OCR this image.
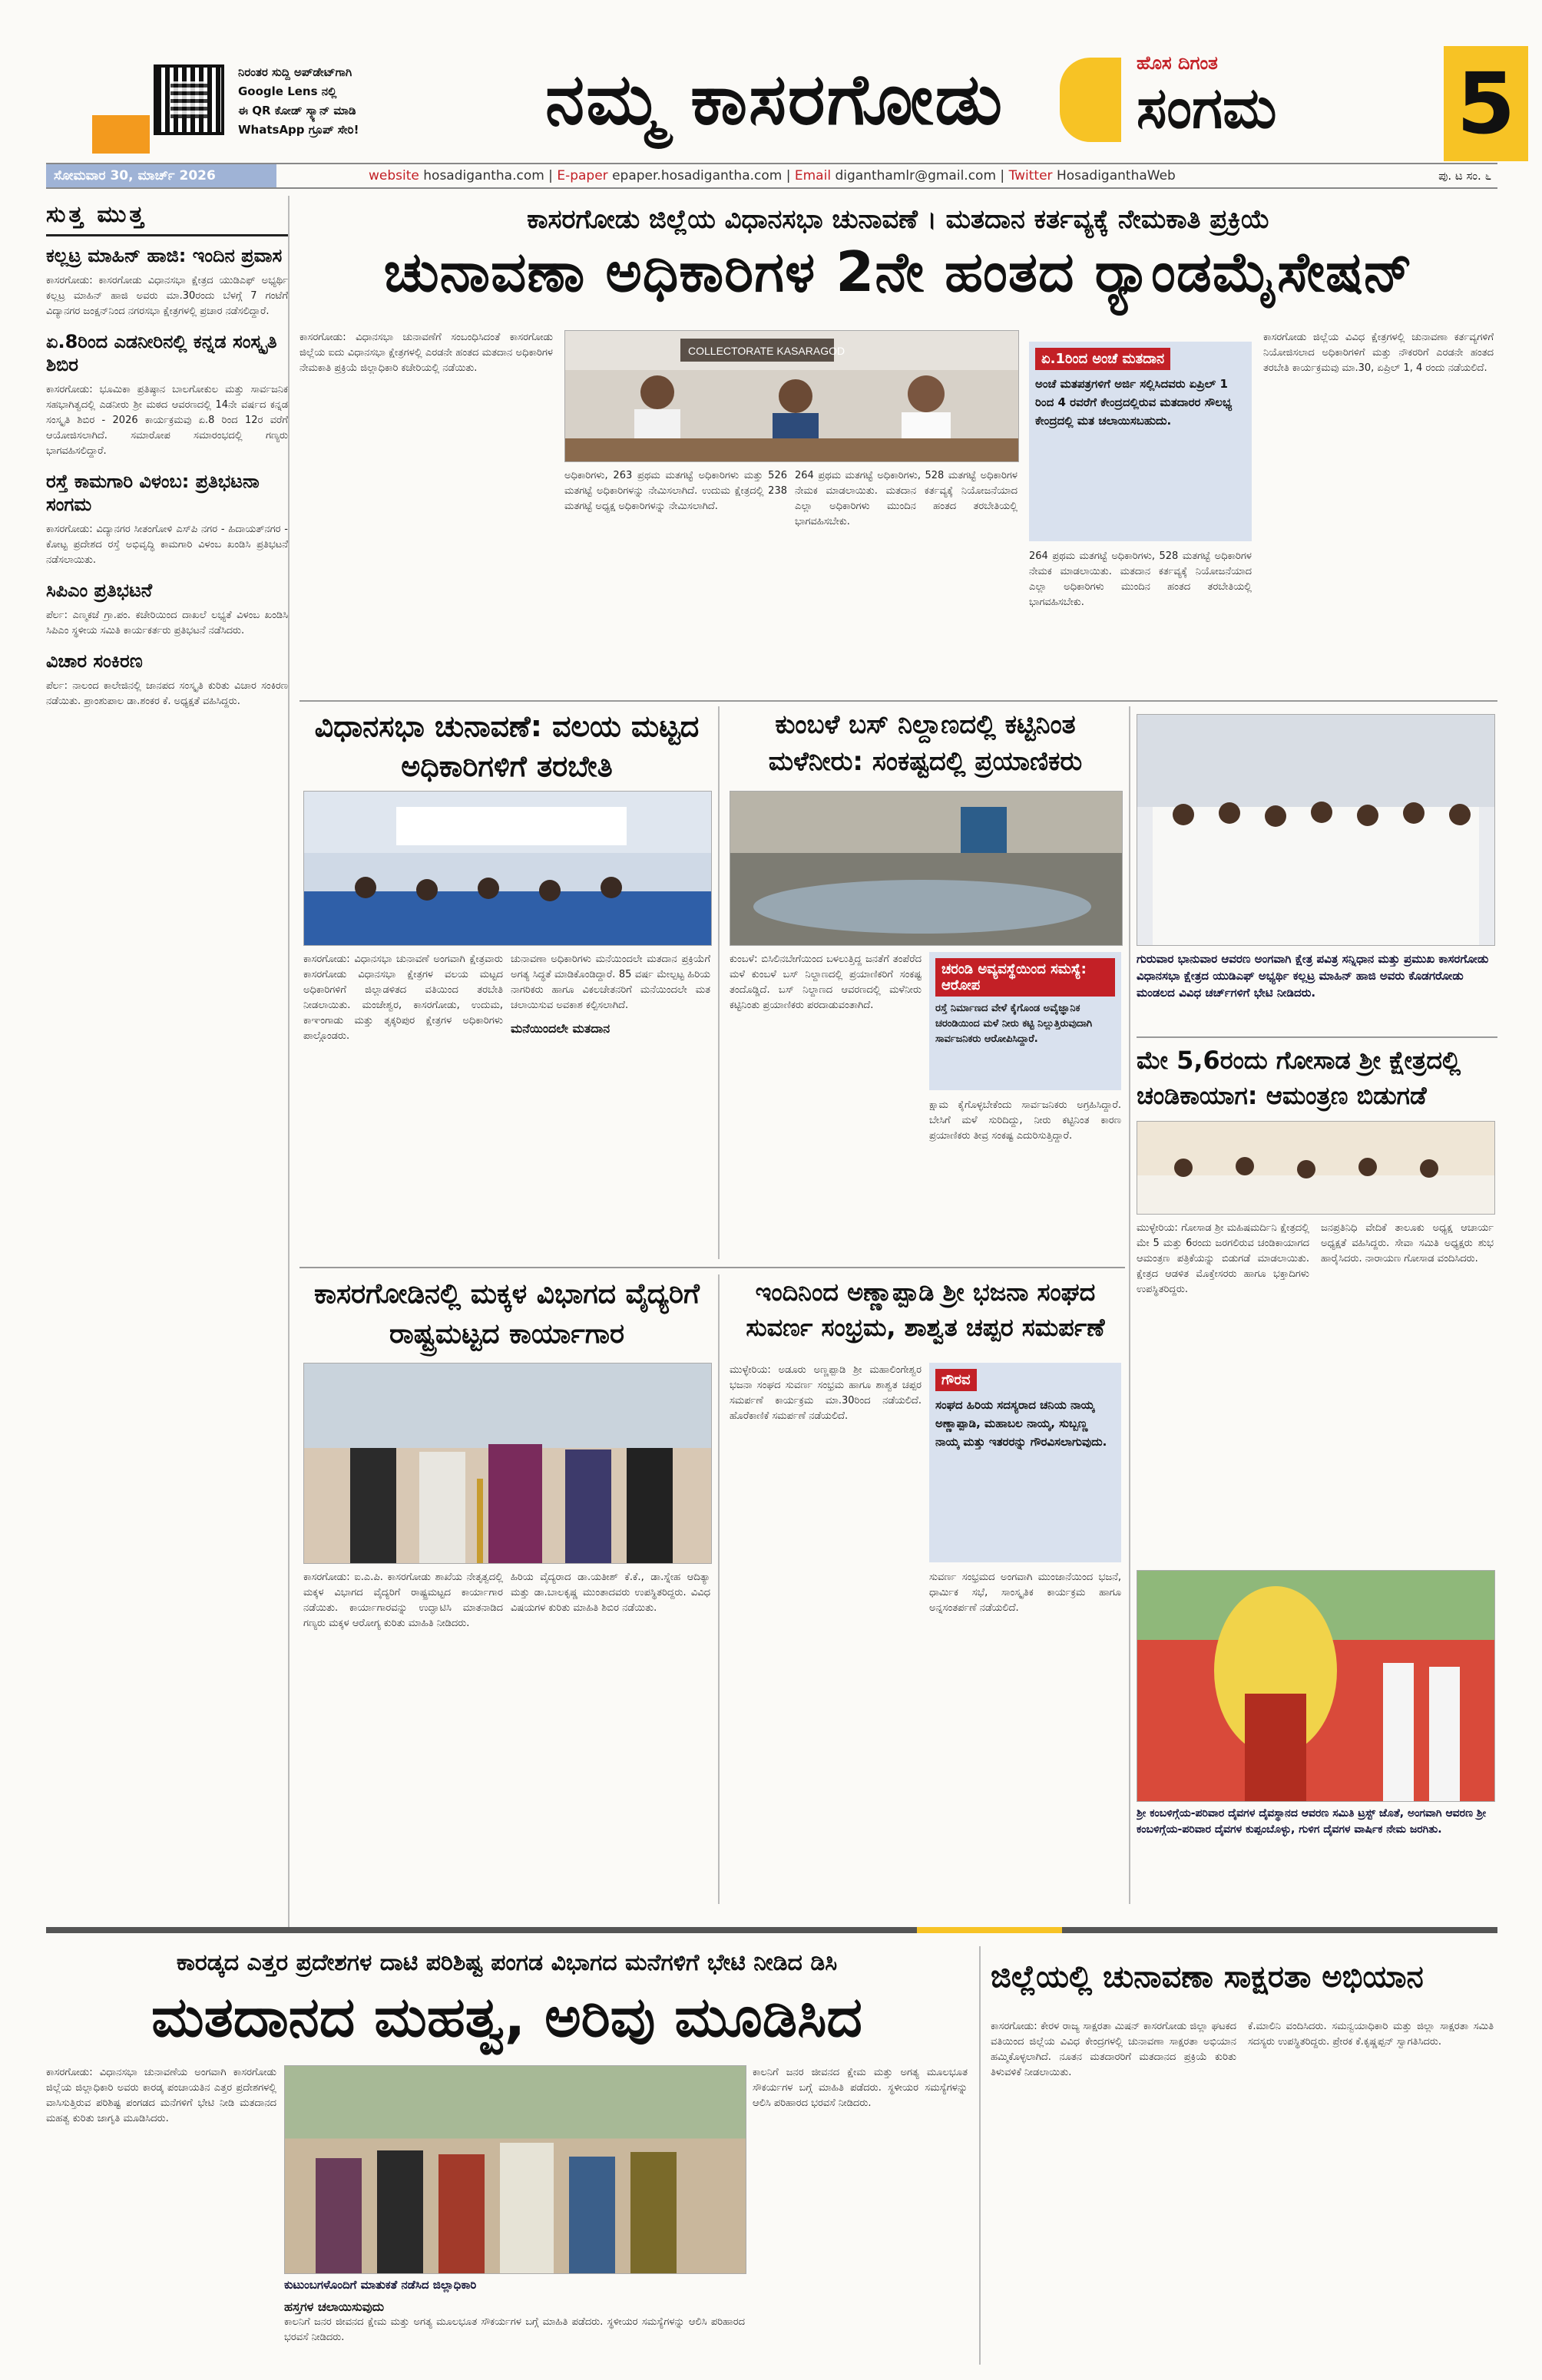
ನಿರಂತರ ಸುದ್ದಿ ಅಪ್‌ಡೇಟ್‌ಗಾಗಿ
Google Lens ನಲ್ಲಿ
ಈ QR ಕೋಡ್ ಸ್ಕ್ಯಾನ್ ಮಾಡಿ
WhatsApp ಗ್ರೂಪ್ ಸೇರಿ!	ನಮ್ಮ ಕಾಸರಗೋಡು	ಹೊಸ ದಿಗಂತ
ಸಂಗಮ	5
ಸೋಮವಾರ 30, ಮಾರ್ಚ್ 2026	website hosadigantha.com | E-paper epaper.hosadigantha.com | Email diganthamlr@gmail.com | Twitter HosadiganthaWeb	ಪು. ಟ ಸಂ. ೬
ಸುತ್ತ ಮುತ್ತ
ಕಲ್ಲಟ್ರ ಮಾಹಿನ್ ಹಾಜಿ: ಇಂದಿನ ಪ್ರವಾಸ
ಕಾಸರಗೋಡು: ಕಾಸರಗೋಡು ವಿಧಾನಸಭಾ ಕ್ಷೇತ್ರದ ಯುಡಿಎಫ್ ಅಭ್ಯರ್ಥಿ ಕಲ್ಲಟ್ರ ಮಾಹಿನ್ ಹಾಜಿ ಅವರು ಮಾ.30ರಂದು ಬೆಳಗ್ಗೆ 7 ಗಂಟೆಗೆ ವಿದ್ಯಾನಗರ ಜಂಕ್ಷನ್‌ನಿಂದ ನಗರಸಭಾ ಕ್ಷೇತ್ರಗಳಲ್ಲಿ ಪ್ರಚಾರ ನಡೆಸಲಿದ್ದಾರೆ.
ಏ.8ರಿಂದ ಎಡನೀರಿನಲ್ಲಿ ಕನ್ನಡ ಸಂಸ್ಕೃತಿ ಶಿಬಿರ
ಕಾಸರಗೋಡು: ಭೂಮಿಕಾ ಪ್ರತಿಷ್ಠಾನ ಬಾಲಗೋಕುಲ ಮತ್ತು ಸಾರ್ವಜನಿಕ ಸಹಭಾಗಿತ್ವದಲ್ಲಿ ಎಡನೀರು ಶ್ರೀ ಮಠದ ಆವರಣದಲ್ಲಿ 14ನೇ ವರ್ಷದ ಕನ್ನಡ ಸಂಸ್ಕೃತಿ ಶಿಬಿರ - 2026 ಕಾರ್ಯಕ್ರಮವು ಏ.8 ರಿಂದ 12ರ ವರೆಗೆ ಆಯೋಜಿಸಲಾಗಿದೆ. ಸಮಾರೋಪ ಸಮಾರಂಭದಲ್ಲಿ ಗಣ್ಯರು ಭಾಗವಹಿಸಲಿದ್ದಾರೆ.
ರಸ್ತೆ ಕಾಮಗಾರಿ ವಿಳಂಬ: ಪ್ರತಿಭಟನಾ ಸಂಗಮ
ಕಾಸರಗೋಡು: ವಿದ್ಯಾನಗರ ಸೀತಂಗೋಳಿ ಎಸ್‌ಪಿ ನಗರ - ಹಿದಾಯತ್‌ನಗರ - ಕೋಟ್ಟ ಪ್ರದೇಶದ ರಸ್ತೆ ಅಭಿವೃದ್ಧಿ ಕಾಮಗಾರಿ ವಿಳಂಬ ಖಂಡಿಸಿ ಪ್ರತಿಭಟನೆ ನಡೆಸಲಾಯಿತು.
ಸಿಪಿಎಂ ಪ್ರತಿಭಟನೆ
ಪೆರ್ಲ: ಎಣ್ಮಕಜೆ ಗ್ರಾ.ಪಂ. ಕಚೇರಿಯಿಂದ ದಾಖಲೆ ಲಭ್ಯತೆ ವಿಳಂಬ ಖಂಡಿಸಿ ಸಿಪಿಎಂ ಸ್ಥಳೀಯ ಸಮಿತಿ ಕಾರ್ಯಕರ್ತರು ಪ್ರತಿಭಟನೆ ನಡೆಸಿದರು.
ವಿಚಾರ ಸಂಕಿರಣ
ಪೆರ್ಲ: ನಾಲಂದ ಕಾಲೇಜಿನಲ್ಲಿ ಜಾನಪದ ಸಂಸ್ಕೃತಿ ಕುರಿತು ವಿಚಾರ ಸಂಕಿರಣ ನಡೆಯಿತು. ಪ್ರಾಂಶುಪಾಲ ಡಾ.ಶಂಕರ ಕೆ. ಅಧ್ಯಕ್ಷತೆ ವಹಿಸಿದ್ದರು.
ಕಾಸರಗೋಡು ಜಿಲ್ಲೆಯ ವಿಧಾನಸಭಾ ಚುನಾವಣೆ । ಮತದಾನ ಕರ್ತವ್ಯಕ್ಕೆ ನೇಮಕಾತಿ ಪ್ರಕ್ರಿಯೆ
ಚುನಾವಣಾ ಅಧಿಕಾರಿಗಳ 2ನೇ ಹಂತದ ರ್‍ಯಾಂಡಮೈಸೇಷನ್
ಕಾಸರಗೋಡು: ವಿಧಾನಸಭಾ ಚುನಾವಣೆಗೆ ಸಂಬಂಧಿಸಿದಂತೆ ಕಾಸರಗೋಡು ಜಿಲ್ಲೆಯ ಐದು ವಿಧಾನಸಭಾ ಕ್ಷೇತ್ರಗಳಲ್ಲಿ ಎರಡನೇ ಹಂತದ ಮತದಾನ ಅಧಿಕಾರಿಗಳ ನೇಮಕಾತಿ ಪ್ರಕ್ರಿಯೆ ಜಿಲ್ಲಾಧಿಕಾರಿ ಕಚೇರಿಯಲ್ಲಿ ನಡೆಯಿತು.
COLLECTORATE KASARAGOD
ಅಧಿಕಾರಿಗಳು, 263 ಪ್ರಥಮ ಮತಗಟ್ಟೆ ಅಧಿಕಾರಿಗಳು ಮತ್ತು 526 ಮತಗಟ್ಟೆ ಅಧಿಕಾರಿಗಳನ್ನು ನೇಮಿಸಲಾಗಿದೆ. ಉದುಮ ಕ್ಷೇತ್ರದಲ್ಲಿ 238 ಮತಗಟ್ಟೆ ಅಧ್ಯಕ್ಷ ಅಧಿಕಾರಿಗಳನ್ನು ನೇಮಿಸಲಾಗಿದೆ.
264 ಪ್ರಥಮ ಮತಗಟ್ಟೆ ಅಧಿಕಾರಿಗಳು, 528 ಮತಗಟ್ಟೆ ಅಧಿಕಾರಿಗಳ ನೇಮಕ ಮಾಡಲಾಯಿತು. ಮತದಾನ ಕರ್ತವ್ಯಕ್ಕೆ ನಿಯೋಜನೆಯಾದ ಎಲ್ಲಾ ಅಧಿಕಾರಿಗಳು ಮುಂದಿನ ಹಂತದ ತರಬೇತಿಯಲ್ಲಿ ಭಾಗವಹಿಸಬೇಕು.
ಏ.1ರಿಂದ ಅಂಚೆ ಮತದಾನ
ಅಂಚೆ ಮತಪತ್ರಗಳಿಗೆ ಅರ್ಜಿ ಸಲ್ಲಿಸಿದವರು ಏಪ್ರಿಲ್ 1 ರಿಂದ 4 ರವರೆಗೆ ಕೇಂದ್ರದಲ್ಲಿರುವ ಮತದಾರರ ಸೌಲಭ್ಯ ಕೇಂದ್ರದಲ್ಲಿ ಮತ ಚಲಾಯಿಸಬಹುದು.
264 ಪ್ರಥಮ ಮತಗಟ್ಟೆ ಅಧಿಕಾರಿಗಳು, 528 ಮತಗಟ್ಟೆ ಅಧಿಕಾರಿಗಳ ನೇಮಕ ಮಾಡಲಾಯಿತು. ಮತದಾನ ಕರ್ತವ್ಯಕ್ಕೆ ನಿಯೋಜನೆಯಾದ ಎಲ್ಲಾ ಅಧಿಕಾರಿಗಳು ಮುಂದಿನ ಹಂತದ ತರಬೇತಿಯಲ್ಲಿ ಭಾಗವಹಿಸಬೇಕು.
ಕಾಸರಗೋಡು ಜಿಲ್ಲೆಯ ವಿವಿಧ ಕ್ಷೇತ್ರಗಳಲ್ಲಿ ಚುನಾವಣಾ ಕರ್ತವ್ಯಗಳಿಗೆ ನಿಯೋಜಿಸಲಾದ ಅಧಿಕಾರಿಗಳಿಗೆ ಮತ್ತು ನೌಕರರಿಗೆ ಎರಡನೇ ಹಂತದ ತರಬೇತಿ ಕಾರ್ಯಕ್ರಮವು ಮಾ.30, ಏಪ್ರಿಲ್ 1, 4 ರಂದು ನಡೆಯಲಿದೆ.
ವಿಧಾನಸಭಾ ಚುನಾವಣೆ: ವಲಯ ಮಟ್ಟದ ಅಧಿಕಾರಿಗಳಿಗೆ ತರಬೇತಿ
ಕಾಸರಗೋಡು: ವಿಧಾನಸಭಾ ಚುನಾವಣೆ ಅಂಗವಾಗಿ ಕ್ಷೇತ್ರವಾರು ಕಾಸರಗೋಡು ವಿಧಾನಸಭಾ ಕ್ಷೇತ್ರಗಳ ವಲಯ ಮಟ್ಟದ ಅಧಿಕಾರಿಗಳಿಗೆ ಜಿಲ್ಲಾಡಳಿತದ ವತಿಯಿಂದ ತರಬೇತಿ ನೀಡಲಾಯಿತು. ಮಂಜೇಶ್ವರ, ಕಾಸರಗೋಡು, ಉದುಮ, ಕಾಞಂಗಾಡು ಮತ್ತು ತೃಕ್ಕರಿಪುರ ಕ್ಷೇತ್ರಗಳ ಅಧಿಕಾರಿಗಳು ಪಾಲ್ಗೊಂಡರು.
ಚುನಾವಣಾ ಅಧಿಕಾರಿಗಳು ಮನೆಯಿಂದಲೇ ಮತದಾನ ಪ್ರಕ್ರಿಯೆಗೆ ಅಗತ್ಯ ಸಿದ್ಧತೆ ಮಾಡಿಕೊಂಡಿದ್ದಾರೆ. 85 ವರ್ಷ ಮೇಲ್ಪಟ್ಟ ಹಿರಿಯ ನಾಗರಿಕರು ಹಾಗೂ ವಿಕಲಚೇತನರಿಗೆ ಮನೆಯಿಂದಲೇ ಮತ ಚಲಾಯಿಸುವ ಅವಕಾಶ ಕಲ್ಪಿಸಲಾಗಿದೆ.
ಮನೆಯಿಂದಲೇ ಮತದಾನ
ಕುಂಬಳೆ ಬಸ್ ನಿಲ್ದಾಣದಲ್ಲಿ ಕಟ್ಟಿನಿಂತ ಮಳೆನೀರು: ಸಂಕಷ್ಟದಲ್ಲಿ ಪ್ರಯಾಣಿಕರು
ಕುಂಬಳೆ: ಬಿಸಿಲಿನಬೇಗೆಯಿಂದ ಬಳಲುತ್ತಿದ್ದ ಜನತೆಗೆ ತಂಪೆರೆದ ಮಳೆ ಕುಂಬಳೆ ಬಸ್ ನಿಲ್ದಾಣದಲ್ಲಿ ಪ್ರಯಾಣಿಕರಿಗೆ ಸಂಕಷ್ಟ ತಂದೊಡ್ಡಿದೆ. ಬಸ್ ನಿಲ್ದಾಣದ ಆವರಣದಲ್ಲಿ ಮಳೆನೀರು ಕಟ್ಟಿನಿಂತು ಪ್ರಯಾಣಿಕರು ಪರದಾಡುವಂತಾಗಿದೆ.
ಚರಂಡಿ ಅವ್ಯವಸ್ಥೆಯಿಂದ ಸಮಸ್ಯೆ: ಆರೋಪ
ರಸ್ತೆ ನಿರ್ಮಾಣದ ವೇಳೆ ಕೈಗೊಂಡ ಅವೈಜ್ಞಾನಿಕ ಚರಂಡಿಯಿಂದ ಮಳೆ ನೀರು ಕಟ್ಟಿ ನಿಲ್ಲುತ್ತಿರುವುದಾಗಿ ಸಾರ್ವಜನಿಕರು ಆರೋಪಿಸಿದ್ದಾರೆ.
ಕ್ಷಾಮ ಕೈಗೊಳ್ಳಬೇಕೆಂದು ಸಾರ್ವಜನಿಕರು ಅಗ್ರಹಿಸಿದ್ದಾರೆ. ಬೇಸಿಗೆ ಮಳೆ ಸುರಿದಿದ್ದು, ನೀರು ಕಟ್ಟಿನಿಂತ ಕಾರಣ ಪ್ರಯಾಣಿಕರು ತೀವ್ರ ಸಂಕಷ್ಟ ಎದುರಿಸುತ್ತಿದ್ದಾರೆ.
ಗುರುವಾರ ಭಾನುವಾರ ಆವರಣ ಅಂಗವಾಗಿ ಕ್ಷೇತ್ರ ಪವಿತ್ರ ಸನ್ನಿಧಾನ ಮತ್ತು ಪ್ರಮುಖ ಕಾಸರಗೋಡು ವಿಧಾನಸಭಾ ಕ್ಷೇತ್ರದ ಯುಡಿಎಫ್ ಅಭ್ಯರ್ಥಿ ಕಲ್ಲಟ್ರ ಮಾಹಿನ್ ಹಾಜಿ ಅವರು ಕೊಡಗರೋಡು ಮಂಡಲದ ವಿವಿಧ ಚರ್ಚ್‌ಗಳಿಗೆ ಭೇಟಿ ನೀಡಿದರು.
ಮೇ 5,6ರಂದು ಗೋಸಾಡ ಶ್ರೀ ಕ್ಷೇತ್ರದಲ್ಲಿ ಚಂಡಿಕಾಯಾಗ: ಆಮಂತ್ರಣ ಬಿಡುಗಡೆ
ಮುಳ್ಳೇರಿಯ: ಗೋಸಾಡ ಶ್ರೀ ಮಹಿಷಮರ್ದಿನಿ ಕ್ಷೇತ್ರದಲ್ಲಿ ಮೇ 5 ಮತ್ತು 6ರಂದು ಜರಗಲಿರುವ ಚಂಡಿಕಾಯಾಗದ ಆಮಂತ್ರಣ ಪತ್ರಿಕೆಯನ್ನು ಬಿಡುಗಡೆ ಮಾಡಲಾಯಿತು. ಕ್ಷೇತ್ರದ ಆಡಳಿತ ಮೊಕ್ತೇಸರರು ಹಾಗೂ ಭಕ್ತಾದಿಗಳು ಉಪಸ್ಥಿತರಿದ್ದರು.
ಜನಪ್ರತಿನಿಧಿ ವೇದಿಕೆ ತಾಲೂಕು ಅಧ್ಯಕ್ಷ ಆಚಾರ್ಯ ಅಧ್ಯಕ್ಷತೆ ವಹಿಸಿದ್ದರು. ಸೇವಾ ಸಮಿತಿ ಅಧ್ಯಕ್ಷರು ಶುಭ ಹಾರೈಸಿದರು. ನಾರಾಯಣ ಗೋಸಾಡ ವಂದಿಸಿದರು.
ಶ್ರೀ ಕಂಬಳಿಗ್ಗೆಯ-ಪರಿವಾರ ದೈವಗಳ ದೈವಸ್ಥಾನದ ಆವರಣ ಸಮಿತಿ ಟ್ರಸ್ಟ್ ಜೊತೆ, ಅಂಗವಾಗಿ ಆವರಣ ಶ್ರೀ ಕಂಬಳಿಗ್ಗೆಯ-ಪರಿವಾರ ದೈವಗಳ ಕುಪ್ಪಂಬೊಳ್ಳು, ಗುಳಿಗ ದೈವಗಳ ವಾರ್ಷಿಕ ನೇಮ ಜರಗಿತು.
ಕಾಸರಗೋಡಿನಲ್ಲಿ ಮಕ್ಕಳ ವಿಭಾಗದ ವೈದ್ಯರಿಗೆ ರಾಷ್ಟ್ರಮಟ್ಟದ ಕಾರ್ಯಾಗಾರ
ಕಾಸರಗೋಡು: ಐ.ಎ.ಪಿ. ಕಾಸರಗೋಡು ಶಾಖೆಯ ನೇತೃತ್ವದಲ್ಲಿ ಮಕ್ಕಳ ವಿಭಾಗದ ವೈದ್ಯರಿಗೆ ರಾಷ್ಟ್ರಮಟ್ಟದ ಕಾರ್ಯಾಗಾರ ನಡೆಯಿತು. ಕಾರ್ಯಾಗಾರವನ್ನು ಉದ್ಘಾಟಿಸಿ ಮಾತನಾಡಿದ ಗಣ್ಯರು ಮಕ್ಕಳ ಆರೋಗ್ಯ ಕುರಿತು ಮಾಹಿತಿ ನೀಡಿದರು.
ಹಿರಿಯ ವೈದ್ಯರಾದ ಡಾ.ಯತೀಶ್ ಕೆ.ಕೆ., ಡಾ.ಸ್ನೇಹ ಆದಿತ್ಯಾ ಮತ್ತು ಡಾ.ಬಾಲಕೃಷ್ಣ ಮುಂತಾದವರು ಉಪಸ್ಥಿತರಿದ್ದರು. ವಿವಿಧ ವಿಷಯಗಳ ಕುರಿತು ಮಾಹಿತಿ ಶಿಬಿರ ನಡೆಯಿತು.
ಇಂದಿನಿಂದ ಅಣ್ಣಾಪ್ಪಾಡಿ ಶ್ರೀ ಭಜನಾ ಸಂಘದ ಸುವರ್ಣ ಸಂಭ್ರಮ, ಶಾಶ್ವತ ಚಪ್ಪರ ಸಮರ್ಪಣೆ
ಮುಳ್ಳೇರಿಯ: ಅಡೂರು ಅಣ್ಣಪ್ಪಾಡಿ ಶ್ರೀ ಮಹಾಲಿಂಗೇಶ್ವರ ಭಜನಾ ಸಂಘದ ಸುವರ್ಣ ಸಂಭ್ರಮ ಹಾಗೂ ಶಾಶ್ವತ ಚಪ್ಪರ ಸಮರ್ಪಣೆ ಕಾರ್ಯಕ್ರಮ ಮಾ.30ರಿಂದ ನಡೆಯಲಿದೆ. ಹೊರೆಕಾಣಿಕೆ ಸಮರ್ಪಣೆ ನಡೆಯಲಿದೆ.
ಗೌರವ
ಸಂಘದ ಹಿರಿಯ ಸದಸ್ಯರಾದ ಚನಿಯ ನಾಯ್ಕ ಅಣ್ಣಾಪ್ಪಾಡಿ, ಮಹಾಬಲ ನಾಯ್ಕ, ಸುಬ್ಬಣ್ಣ ನಾಯ್ಕ ಮತ್ತು ಇತರರನ್ನು ಗೌರವಿಸಲಾಗುವುದು.
ಸುವರ್ಣ ಸಂಭ್ರಮದ ಅಂಗವಾಗಿ ಮುಂಜಾನೆಯಿಂದ ಭಜನೆ, ಧಾರ್ಮಿಕ ಸಭೆ, ಸಾಂಸ್ಕೃತಿಕ ಕಾರ್ಯಕ್ರಮ ಹಾಗೂ ಅನ್ನಸಂತರ್ಪಣೆ ನಡೆಯಲಿದೆ.
ಕಾರಡ್ಕದ ಎತ್ತರ ಪ್ರದೇಶಗಳ ದಾಟಿ ಪರಿಶಿಷ್ಟ ಪಂಗಡ ವಿಭಾಗದ ಮನೆಗಳಿಗೆ ಭೇಟಿ ನೀಡಿದ ಡಿಸಿ
ಮತದಾನದ ಮಹತ್ವ, ಅರಿವು ಮೂಡಿಸಿದ
ಕಾಸರಗೋಡು: ವಿಧಾನಸಭಾ ಚುನಾವಣೆಯ ಅಂಗವಾಗಿ ಕಾಸರಗೋಡು ಜಿಲ್ಲೆಯ ಜಿಲ್ಲಾಧಿಕಾರಿ ಅವರು ಕಾರಡ್ಕ ಪಂಚಾಯತಿನ ಎತ್ತರ ಪ್ರದೇಶಗಳಲ್ಲಿ ವಾಸಿಸುತ್ತಿರುವ ಪರಿಶಿಷ್ಟ ಪಂಗಡದ ಮನೆಗಳಿಗೆ ಭೇಟಿ ನೀಡಿ ಮತದಾನದ ಮಹತ್ವ ಕುರಿತು ಜಾಗೃತಿ ಮೂಡಿಸಿದರು.
ಕುಟುಂಬಗಳೊಂದಿಗೆ ಮಾತುಕತೆ ನಡೆಸಿದ ಜಿಲ್ಲಾಧಿಕಾರಿ
ಹಸ್ತಗಳ ಚಲಾಯಿಸುವುದು
ಕಾಲನಿಗೆ ಜನರ ಜೀವನದ ಕ್ಷೇಮ ಮತ್ತು ಅಗತ್ಯ ಮೂಲಭೂತ ಸೌಕರ್ಯಗಳ ಬಗ್ಗೆ ಮಾಹಿತಿ ಪಡೆದರು. ಸ್ಥಳೀಯರ ಸಮಸ್ಯೆಗಳನ್ನು ಆಲಿಸಿ ಪರಿಹಾರದ ಭರವಸೆ ನೀಡಿದರು.
ಕಾಲನಿಗೆ ಜನರ ಜೀವನದ ಕ್ಷೇಮ ಮತ್ತು ಅಗತ್ಯ ಮೂಲಭೂತ ಸೌಕರ್ಯಗಳ ಬಗ್ಗೆ ಮಾಹಿತಿ ಪಡೆದರು. ಸ್ಥಳೀಯರ ಸಮಸ್ಯೆಗಳನ್ನು ಆಲಿಸಿ ಪರಿಹಾರದ ಭರವಸೆ ನೀಡಿದರು.
ಜಿಲ್ಲೆಯಲ್ಲಿ ಚುನಾವಣಾ ಸಾಕ್ಷರತಾ ಅಭಿಯಾನ
ಕಾಸರಗೋಡು: ಕೇರಳ ರಾಜ್ಯ ಸಾಕ್ಷರತಾ ಮಿಷನ್ ಕಾಸರಗೋಡು ಜಿಲ್ಲಾ ಘಟಕದ ವತಿಯಿಂದ ಜಿಲ್ಲೆಯ ವಿವಿಧ ಕೇಂದ್ರಗಳಲ್ಲಿ ಚುನಾವಣಾ ಸಾಕ್ಷರತಾ ಅಭಿಯಾನ ಹಮ್ಮಿಕೊಳ್ಳಲಾಗಿದೆ. ನೂತನ ಮತದಾರರಿಗೆ ಮತದಾನದ ಪ್ರಕ್ರಿಯೆ ಕುರಿತು ತಿಳುವಳಿಕೆ ನೀಡಲಾಯಿತು.
ಕೆ.ಮಾಲಿನಿ ವಂದಿಸಿದರು. ಸಮನ್ವಯಾಧಿಕಾರಿ ಮತ್ತು ಜಿಲ್ಲಾ ಸಾಕ್ಷರತಾ ಸಮಿತಿ ಸದಸ್ಯರು ಉಪಸ್ಥಿತರಿದ್ದರು. ಪ್ರೇರಕ ಕೆ.ಕೃಷ್ಣಪ್ಪನ್ ಸ್ವಾಗತಿಸಿದರು.
